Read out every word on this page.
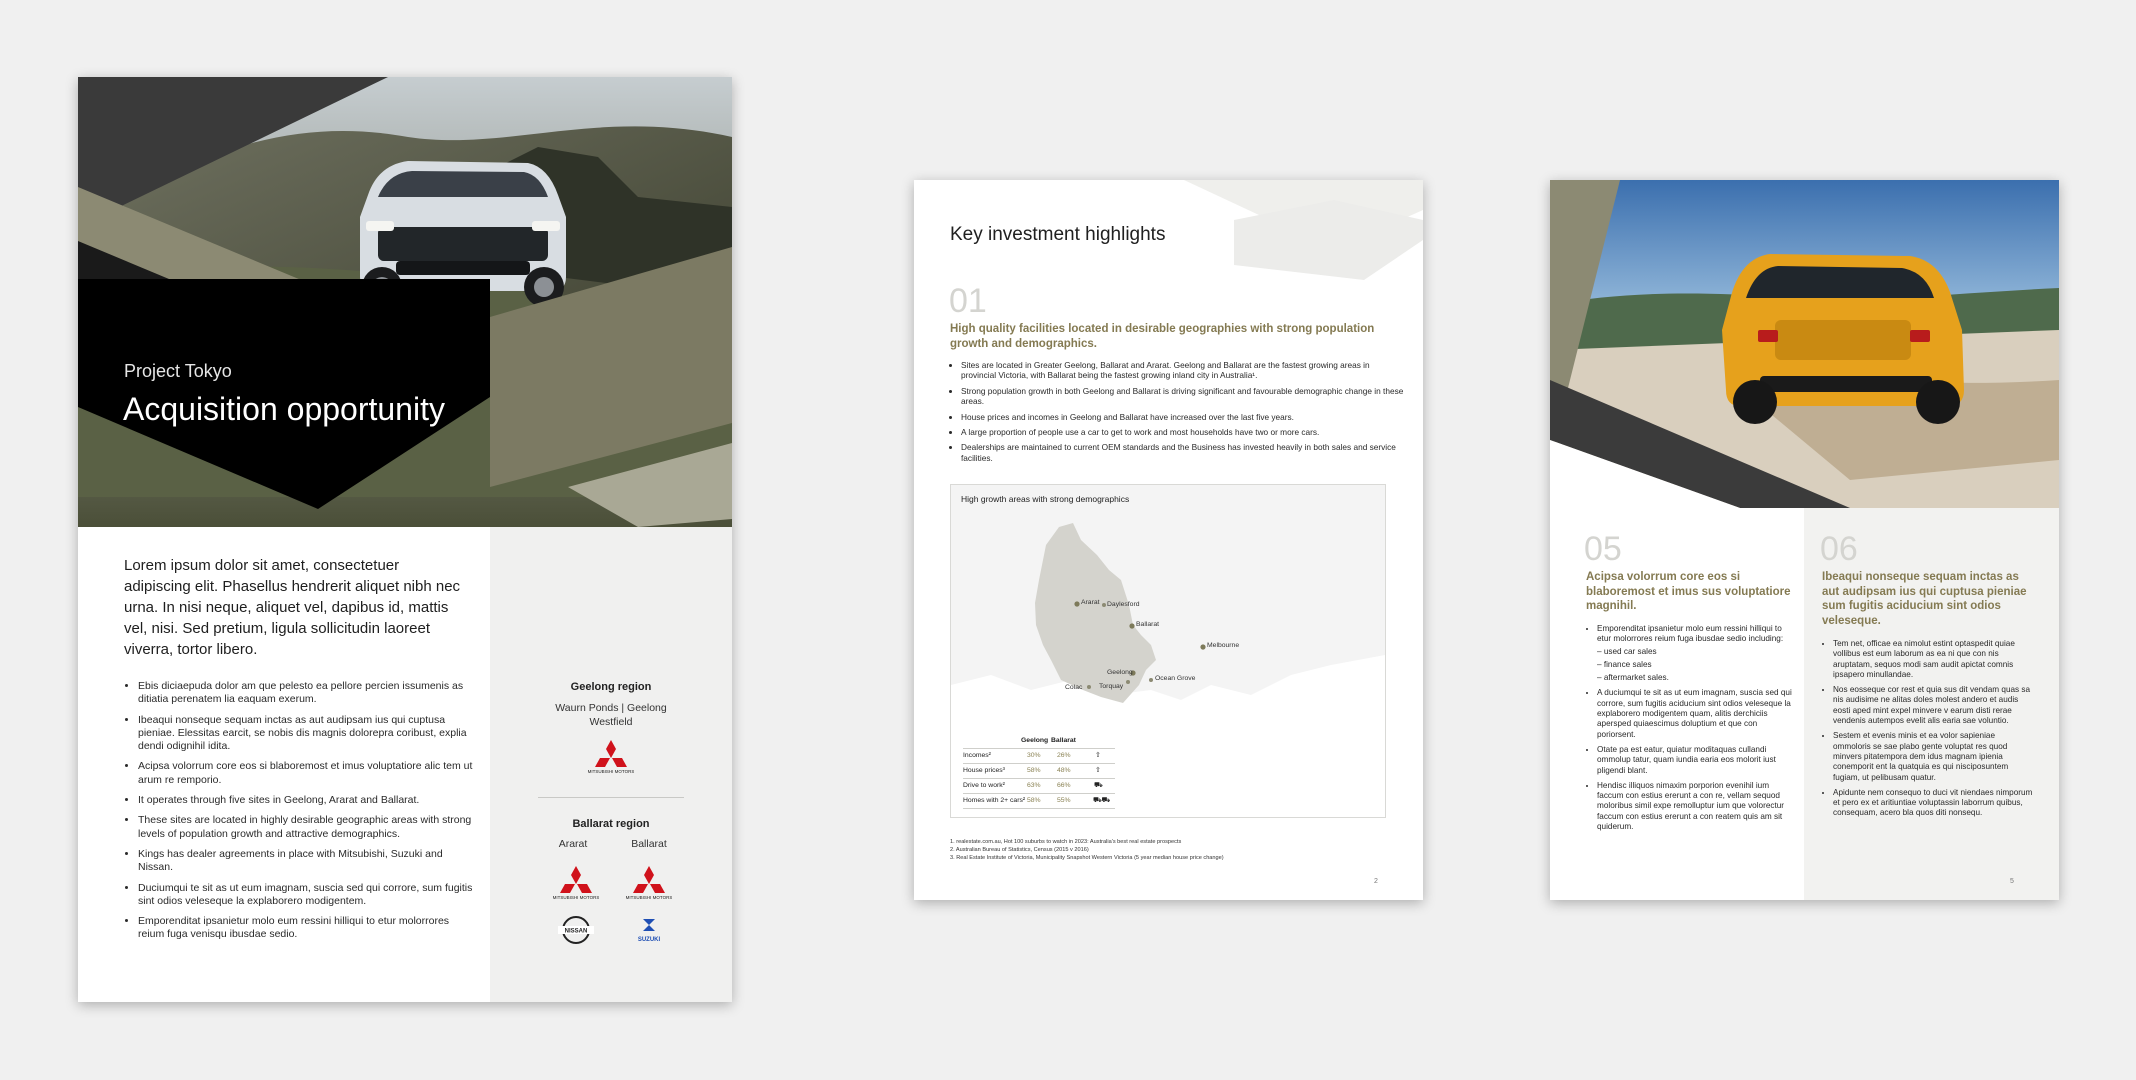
Project Tokyo
Acquisition opportunity
Lorem ipsum dolor sit amet, consectetuer adipiscing elit. Phasellus hendrerit aliquet nibh nec urna. In nisi neque, aliquet vel, dapibus id, mattis vel, nisi. Sed pretium, ligula sollicitudin laoreet viverra, tortor libero.
• Ebis diciaepuda dolor am que pelesto ea pellore percien issumenis as ditiatia perenatem lia eaquam exerum.
• Ibeaqui nonseque sequam inctas as aut audipsam ius qui cuptusa pieniae. Elessitas earcit, se nobis dis magnis dolorepra coribust, explia dendi odignihil idita.
• Acipsa volorrum core eos si blaboremost et imus voluptatiore alic tem ut arum re remporio.
• It operates through five sites in Geelong, Ararat and Ballarat.
• These sites are located in highly desirable geographic areas with strong levels of population growth and attractive demographics.
• Kings has dealer agreements in place with Mitsubishi, Suzuki and Nissan.
• Duciumqui te sit as ut eum imagnam, suscia sed qui corrore, sum fugitis sint odios veleseque la explaborero modigentem.
• Emporenditat ipsanietur molo eum ressini hilliqui to etur molorrores reium fuga venisqu ibusdae sedio.
Geelong region
Waurn Ponds | Geelong Westfield
MITSUBISHI MOTORS
Ballarat region
Ararat	Ballarat
MITSUBISHI MOTORS	MITSUBISHI MOTORS
NISSAN
SUZUKI
Key investment highlights
01
High quality facilities located in desirable geographies with strong population growth and demographics.
• Sites are located in Greater Geelong, Ballarat and Ararat. Geelong and Ballarat are the fastest growing areas in provincial Victoria, with Ballarat being the fastest growing inland city in Australia¹.
• Strong population growth in both Geelong and Ballarat is driving significant and favourable demographic change in these areas.
• House prices and incomes in Geelong and Ballarat have increased over the last five years.
• A large proportion of people use a car to get to work and most households have two or more cars.
• Dealerships are maintained to current OEM standards and the Business has invested heavily in both sales and service facilities.
High growth areas with strong demographics
Ararat Daylesford
Ballarat
Melbourne
Geelong
Torquay
Ocean Grove
Colac
Geelong Ballarat
Incomes²	30% 26%	⇧
House prices³	58% 48%	⇧
Drive to work²	63% 66%	⛟
Homes with 2+ cars² 58% 55%	⛟⛟
1. realestate.com.au, Hot 100 suburbs to watch in 2023: Australia’s best real estate prospects
2. Australian Bureau of Statistics, Census (2015 v 2016)
3. Real Estate Institute of Victoria, Municipality Snapshot Western Victoria (5 year median house price change)
2
05
Acipsa volorrum core eos si blaboremost et imus sus voluptatiore magnihil.
• Emporenditat ipsanietur molo eum ressini hilliqui to etur molorrores reium fuga ibusdae sedio including:
– used car sales
– finance sales
– aftermarket sales.
• A duciumqui te sit as ut eum imagnam, suscia sed qui corrore, sum fugitis aciducium sint odios veleseque la explaborero modigentem quam, alitis derchiciis apersped quiaescimus doluptium et que con poriorsent.
• Otate pa est eatur, quiatur moditaquas cullandi ommolup tatur, quam iundia earia eos molorit iust pligendi blant.
• Hendisc illiquos nimaxim porporion evenihil ium faccum con estius ererunt a con re, vellam sequod moloribus simil expe remolluptur ium que volorectur faccum con estius ererunt a con reatem quis am sit quiderum.
06
Ibeaqui nonseque sequam inctas as aut audipsam ius qui cuptusa pieniae sum fugitis aciducium sint odios veleseque.
• Tem net, officae ea nimolut estint optaspedit quiae vollibus est eum laborum as ea ni que con nis aruptatam, sequos modi sam audit apictat comnis ipsapero minullandae.
• Nos eosseque cor rest et quia sus dit vendam quas sa nis audisime ne alitas doles molest andero et audis eosti aped mint expel minvere v earum disti rerae vendenis autempos evelit alis earia sae voluntio.
• Sestem et evenis minis et ea volor sapieniae ommoloris se sae plabo gente voluptat res quod minvers pitatempora dem idus magnam ipienia conemporit ent la quatquia es qui nisciposuntem fugiam, ut pelibusam quatur.
• Apidunte nem consequo to duci vit niendaes nimporum et pero ex et aritiuntiae voluptassin laborrum quibus, consequam, acero bla quos diti nonsequ.
5
